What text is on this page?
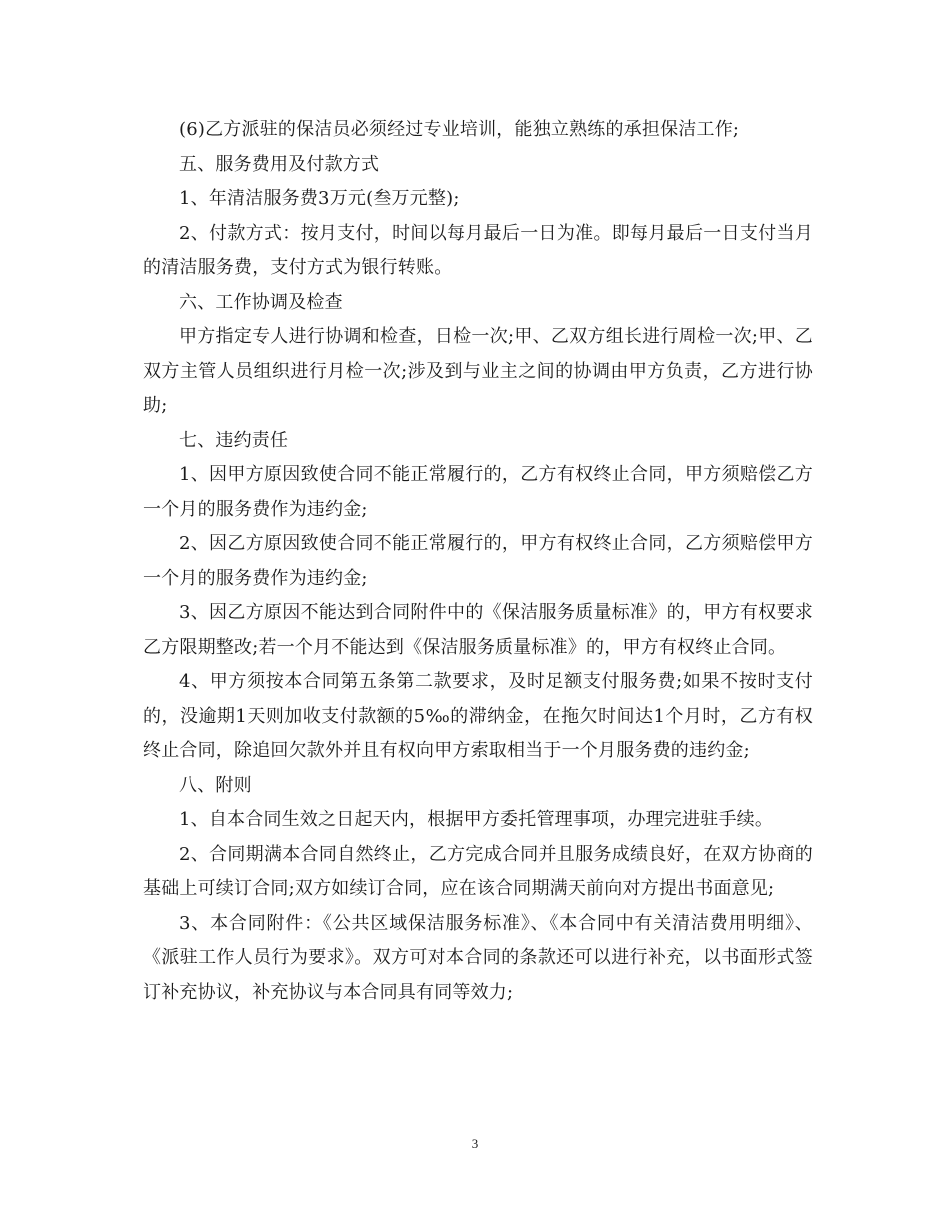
(6)乙方派驻的保洁员必须经过专业培训，能独立熟练的承担保洁工作;

五、服务费用及付款方式

1、年清洁服务费3万元(叁万元整);

2、付款方式：按月支付，时间以每月最后一日为准。即每月最后一日支付当月的清洁服务费，支付方式为银行转账。

六、工作协调及检查

甲方指定专人进行协调和检查，日检一次;甲、乙双方组长进行周检一次;甲、乙双方主管人员组织进行月检一次;涉及到与业主之间的协调由甲方负责，乙方进行协助;

七、违约责任

1、因甲方原因致使合同不能正常履行的，乙方有权终止合同，甲方须赔偿乙方一个月的服务费作为违约金;

2、因乙方原因致使合同不能正常履行的，甲方有权终止合同，乙方须赔偿甲方一个月的服务费作为违约金;

3、因乙方原因不能达到合同附件中的《保洁服务质量标准》的，甲方有权要求乙方限期整改;若一个月不能达到《保洁服务质量标准》的，甲方有权终止合同。

4、甲方须按本合同第五条第二款要求，及时足额支付服务费;如果不按时支付的，没逾期1天则加收支付款额的5‰的滞纳金，在拖欠时间达1个月时，乙方有权终止合同，除追回欠款外并且有权向甲方索取相当于一个月服务费的违约金;

八、附则

1、自本合同生效之日起天内，根据甲方委托管理事项，办理完进驻手续。

2、合同期满本合同自然终止，乙方完成合同并且服务成绩良好，在双方协商的基础上可续订合同;双方如续订合同，应在该合同期满天前向对方提出书面意见;

3、本合同附件：《公共区域保洁服务标准》、《本合同中有关清洁费用明细》、《派驻工作人员行为要求》。双方可对本合同的条款还可以进行补充，以书面形式签订补充协议，补充协议与本合同具有同等效力;

3
